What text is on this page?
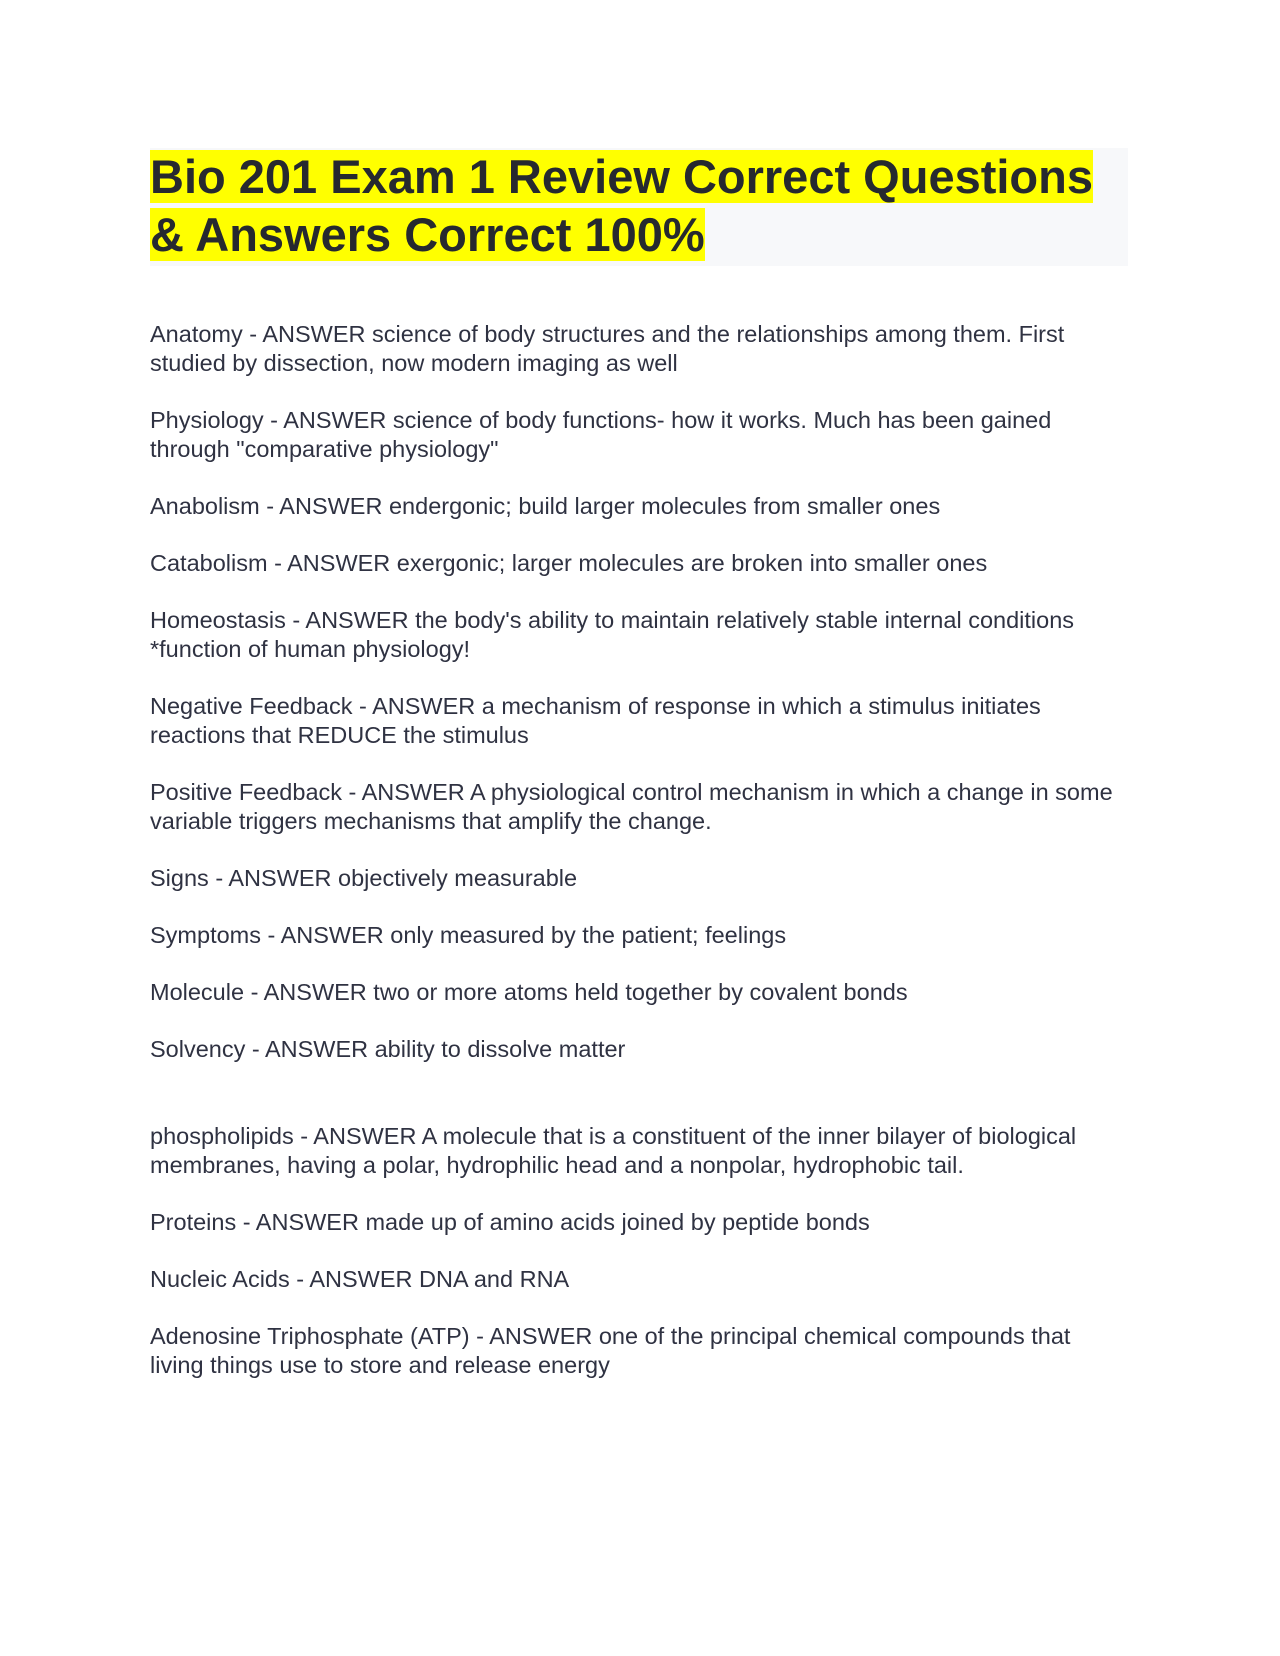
Bio 201 Exam 1 Review Correct Questions & Answers Correct 100%

Anatomy - ANSWER science of body structures and the relationships among them. First studied by dissection, now modern imaging as well

Physiology - ANSWER science of body functions- how it works. Much has been gained through "comparative physiology"

Anabolism - ANSWER endergonic; build larger molecules from smaller ones

Catabolism - ANSWER exergonic; larger molecules are broken into smaller ones

Homeostasis - ANSWER the body's ability to maintain relatively stable internal conditions *function of human physiology!

Negative Feedback - ANSWER a mechanism of response in which a stimulus initiates reactions that REDUCE the stimulus

Positive Feedback - ANSWER A physiological control mechanism in which a change in some variable triggers mechanisms that amplify the change.

Signs - ANSWER objectively measurable

Symptoms - ANSWER only measured by the patient; feelings

Molecule - ANSWER two or more atoms held together by covalent bonds

Solvency - ANSWER ability to dissolve matter

phospholipids - ANSWER A molecule that is a constituent of the inner bilayer of biological membranes, having a polar, hydrophilic head and a nonpolar, hydrophobic tail.

Proteins - ANSWER made up of amino acids joined by peptide bonds

Nucleic Acids - ANSWER DNA and RNA

Adenosine Triphosphate (ATP) - ANSWER one of the principal chemical compounds that living things use to store and release energy
